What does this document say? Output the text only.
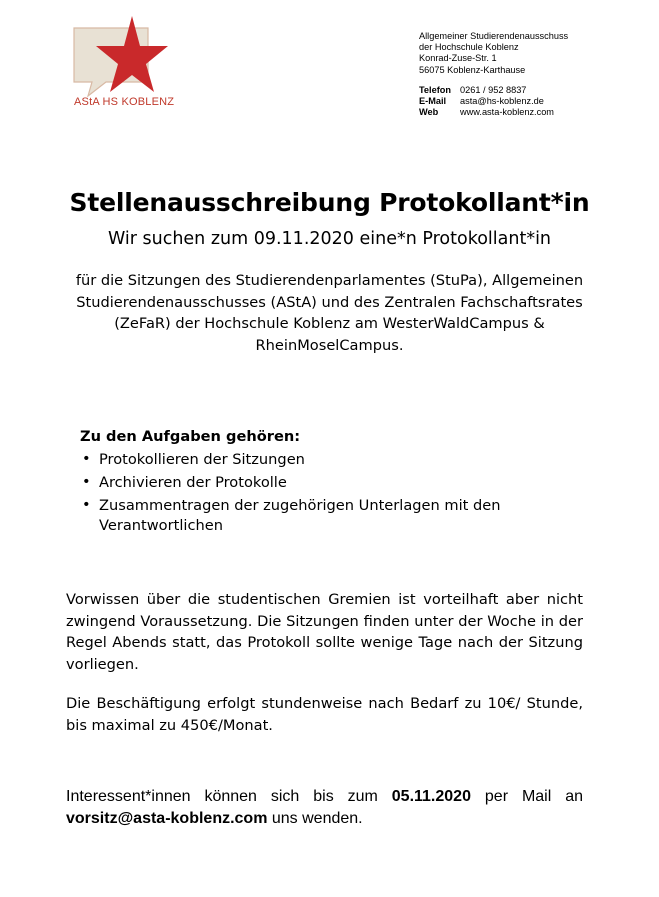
AStA HS KOBLENZ
Allgemeiner Studierendenausschuss
der Hochschule Koblenz
Konrad-Zuse-Str. 1
56075 Koblenz-Karthause
Telefon 0261 / 952 8837
E-Mail	asta@hs-koblenz.de
Web	www.asta-koblenz.com
Stellenausschreibung Protokollant*in
Wir suchen zum 09.11.2020 eine*n Protokollant*in
für die Sitzungen des Studierendenparlamentes (StuPa), Allgemeinen Studierendenausschusses (AStA) und des Zentralen Fachschaftsrates (ZeFaR) der Hochschule Koblenz am WesterWaldCampus & RheinMoselCampus.
Zu den Aufgaben gehören:
• Protokollieren der Sitzungen
• Archivieren der Protokolle
• Zusammentragen der zugehörigen Unterlagen mit den Verantwortlichen
Vorwissen über die studentischen Gremien ist vorteilhaft aber nicht zwingend Voraussetzung. Die Sitzungen finden unter der Woche in der Regel Abends statt, das Protokoll sollte wenige Tage nach der Sitzung vorliegen.
Die Beschäftigung erfolgt stundenweise nach Bedarf zu 10€/ Stunde, bis maximal zu 450€/Monat.
Interessent*innen können sich bis zum 05.11.2020 per Mail an vorsitz@asta-koblenz.com uns wenden.
